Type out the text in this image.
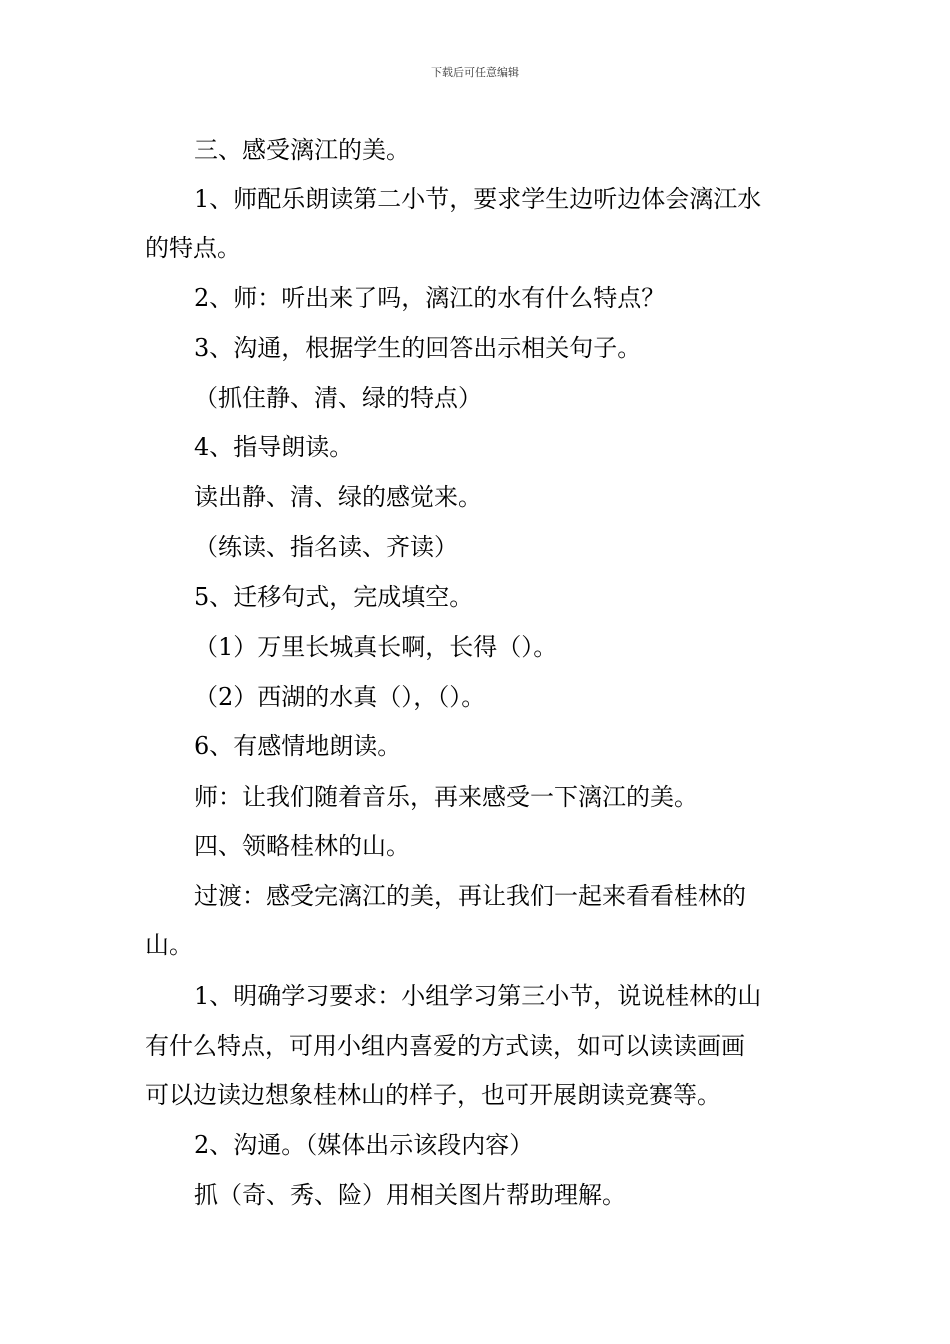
下载后可任意编辑
三、感受漓江的美。
1、师配乐朗读第二小节，要求学生边听边体会漓江水
的特点。
2、师：听出来了吗，漓江的水有什么特点？
3、沟通，根据学生的回答出示相关句子。
（抓住静、清、绿的特点）
4、指导朗读。
读出静、清、绿的感觉来。
（练读、指名读、齐读）
5、迁移句式，完成填空。
（1）万里长城真长啊，长得（）。
（2）西湖的水真（），（）。
6、有感情地朗读。
师：让我们随着音乐，再来感受一下漓江的美。
四、领略桂林的山。
过渡：感受完漓江的美，再让我们一起来看看桂林的
山。
1、明确学习要求：小组学习第三小节，说说桂林的山
有什么特点，可用小组内喜爱的方式读，如可以读读画画
可以边读边想象桂林山的样子，也可开展朗读竞赛等。
2、沟通。（媒体出示该段内容）
抓（奇、秀、险）用相关图片帮助理解。
